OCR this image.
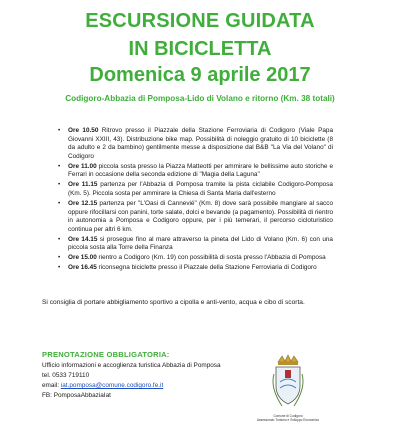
ESCURSIONE GUIDATA
IN BICICLETTA
Domenica 9 aprile 2017
Codigoro-Abbazia di Pomposa-Lido di Volano e ritorno (Km. 38 totali)
• Ore 10.50 Ritrovo presso il Piazzale della Stazione Ferroviaria di Codigoro (Viale Papa Giovanni XXIII, 43). Distribuzione bike map. Possibilità di noleggio gratuito di 10 biciclette (8 da adulto e 2 da bambino) gentilmente messe a disposizione dal B&B "La Via del Volano" di Codigoro
• Ore 11.00 piccola sosta presso la Piazza Matteotti per ammirare le bellissime auto storiche e Ferrari in occasione della seconda edizione di "Magia della Laguna"
• Ore 11.15 partenza per l'Abbazia di Pomposa tramite la pista ciclabile Codigoro-Pomposa (Km. 5). Piccola sosta per ammirare la Chiesa di Santa Maria dall'esterno
• Ore 12.15 partenza per "L'Oasi di Cannevié" (Km. 8) dove sarà possibile mangiare al sacco oppure rifocillarsi con panini, torte salate, dolci e bevande (a pagamento). Possibilità di rientro in autonomia a Pomposa e Codigoro oppure, per i più temerari, il percorso cicloturistico continua per altri 6 km.
• Ore 14.15 si prosegue fino al mare attraverso la pineta del Lido di Volano (Km. 6) con una piccola sosta alla Torre della Finanza
• Ore 15.00 rientro a Codigoro (Km. 19) con possibilità di sosta presso l'Abbazia di Pomposa
• Ore 16.45 riconsegna biciclette presso il Piazzale della Stazione Ferroviaria di Codigoro
Si consiglia di portare abbigliamento sportivo a cipolla e anti-vento, acqua e cibo di scorta.
PRENOTAZIONE OBBLIGATORIA:
Ufficio informazioni e accoglienza turistica Abbazia di Pomposa
tel. 0533 719110
email: iat.pomposa@comune.codigoro.fe.it
FB: PomposaAbbaziaIat
Comune di Codigoro
Assessorato Turismo e Sviluppo Economico
